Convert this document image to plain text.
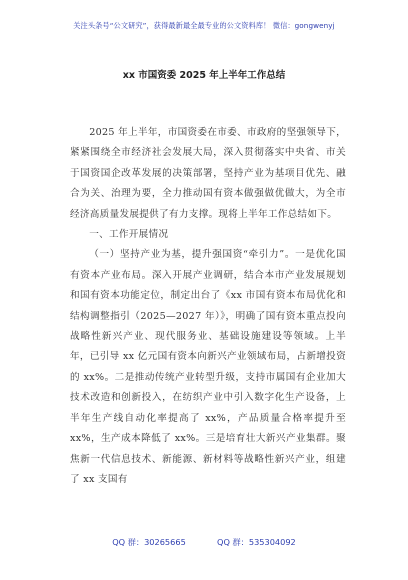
关注头条号“公文研究”，获得最新最全最专业的公文资料库！ 微信：gongwenyj
xx 市国资委 2025 年上半年工作总结

2025 年上半年，市国资委在市委、市政府的坚强领导下，紧紧围绕全市经济社会发展大局，深入贯彻落实中央省、市关于国资国企改革发展的决策部署，坚持产业为基项目优先、融合为关、治理为要，全力推动国有资本做强做优做大，为全市经济高质量发展提供了有力支撑。现将上半年工作总结如下。

一、工作开展情况

（一）坚持产业为基，提升强国资“牵引力”。一是优化国有资本产业布局。深入开展产业调研，结合本市产业发展规划和国有资本功能定位，制定出台了《xx 市国有资本布局优化和结构调整指引（2025—2027 年）》，明确了国有资本重点投向战略性新兴产业、现代服务业、基础设施建设等领域。上半年，已引导 xx 亿元国有资本向新兴产业领域布局，占新增投资的 xx%。二是推动传统产业转型升级，支持市属国有企业加大技术改造和创新投入，在纺织产业中引入数字化生产设备，上半年生产线自动化率提高了 xx%，产品质量合格率提升至 xx%，生产成本降低了 xx%。三是培育壮大新兴产业集群。聚焦新一代信息技术、新能源、新材料等战略性新兴产业，组建了 xx 支国有

QQ 群：30265665	QQ 群：535304092
